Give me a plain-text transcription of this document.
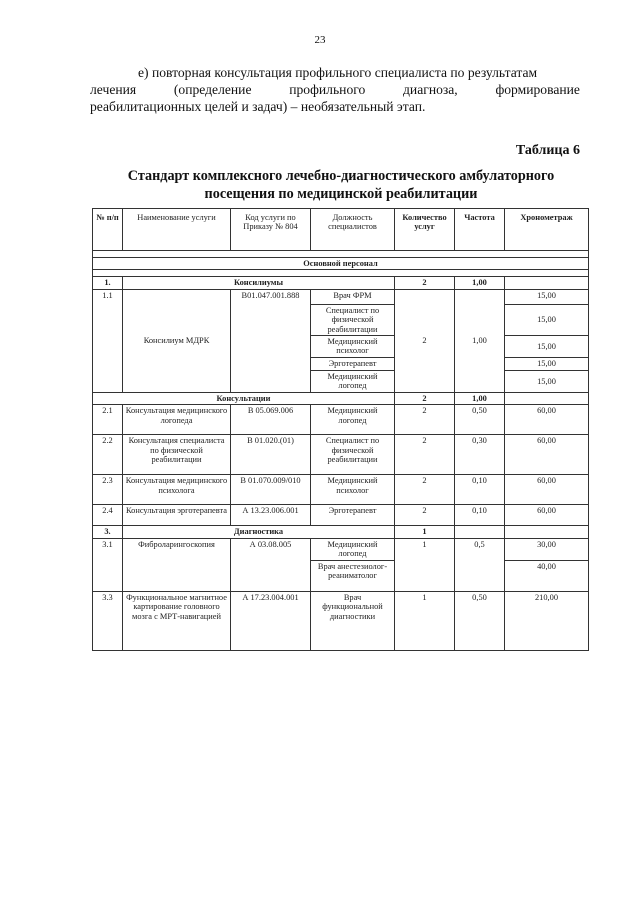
23
е) повторная консультация профильного специалиста по результатам
лечения	(определение	профильного	диагноза,	формирование
реабилитационных целей и задач) – необязательный этап.
Таблица 6
Стандарт комплексного лечебно-диагностического амбулаторного посещения по медицинской реабилитации
№ п/п	Наименование услуги	Код услуги по Приказу № 804	Должность специалистов	Количество услуг	Частота	Хронометраж

Основной персонал						

1.	Консилиумы			2	1,00	
1.1	Консилиум МДРК	B01.047.001.888	Врач ФРМ	2	1,00	15,00
			Специалист по физической реабилитации			15,00
			Медицинский психолог			15,00
			Эрготерапевт			15,00
			Медицинский логопед			15,00
Консультации				2	1,00	
2.1	Консультация медицинского логопеда	В 05.069.006	Медицинский логопед	2	0,50	60,00
2.2	Консультация специалиста по физической реабилитации	В 01.020.(01)	Специалист по физической реабилитации	2	0,30	60,00
2.3	Консультация медицинского психолога	В 01.070.009/010	Медицинский психолог	2	0,10	60,00
2.4	Консультация эрготерапевта	А 13.23.006.001	Эрготерапевт	2	0,10	60,00
3.	Диагностика			1		
3.1	Фиброларингоскопия	А 03.08.005	Медицинский логопед	1	0,5	30,00
			Врач анестезиолог-реаниматолог			40,00
3.3	Функциональное магнитное картирование головного мозга с МРТ-навигацией	А 17.23.004.001	Врач функциональной диагностики	1	0,50	210,00
